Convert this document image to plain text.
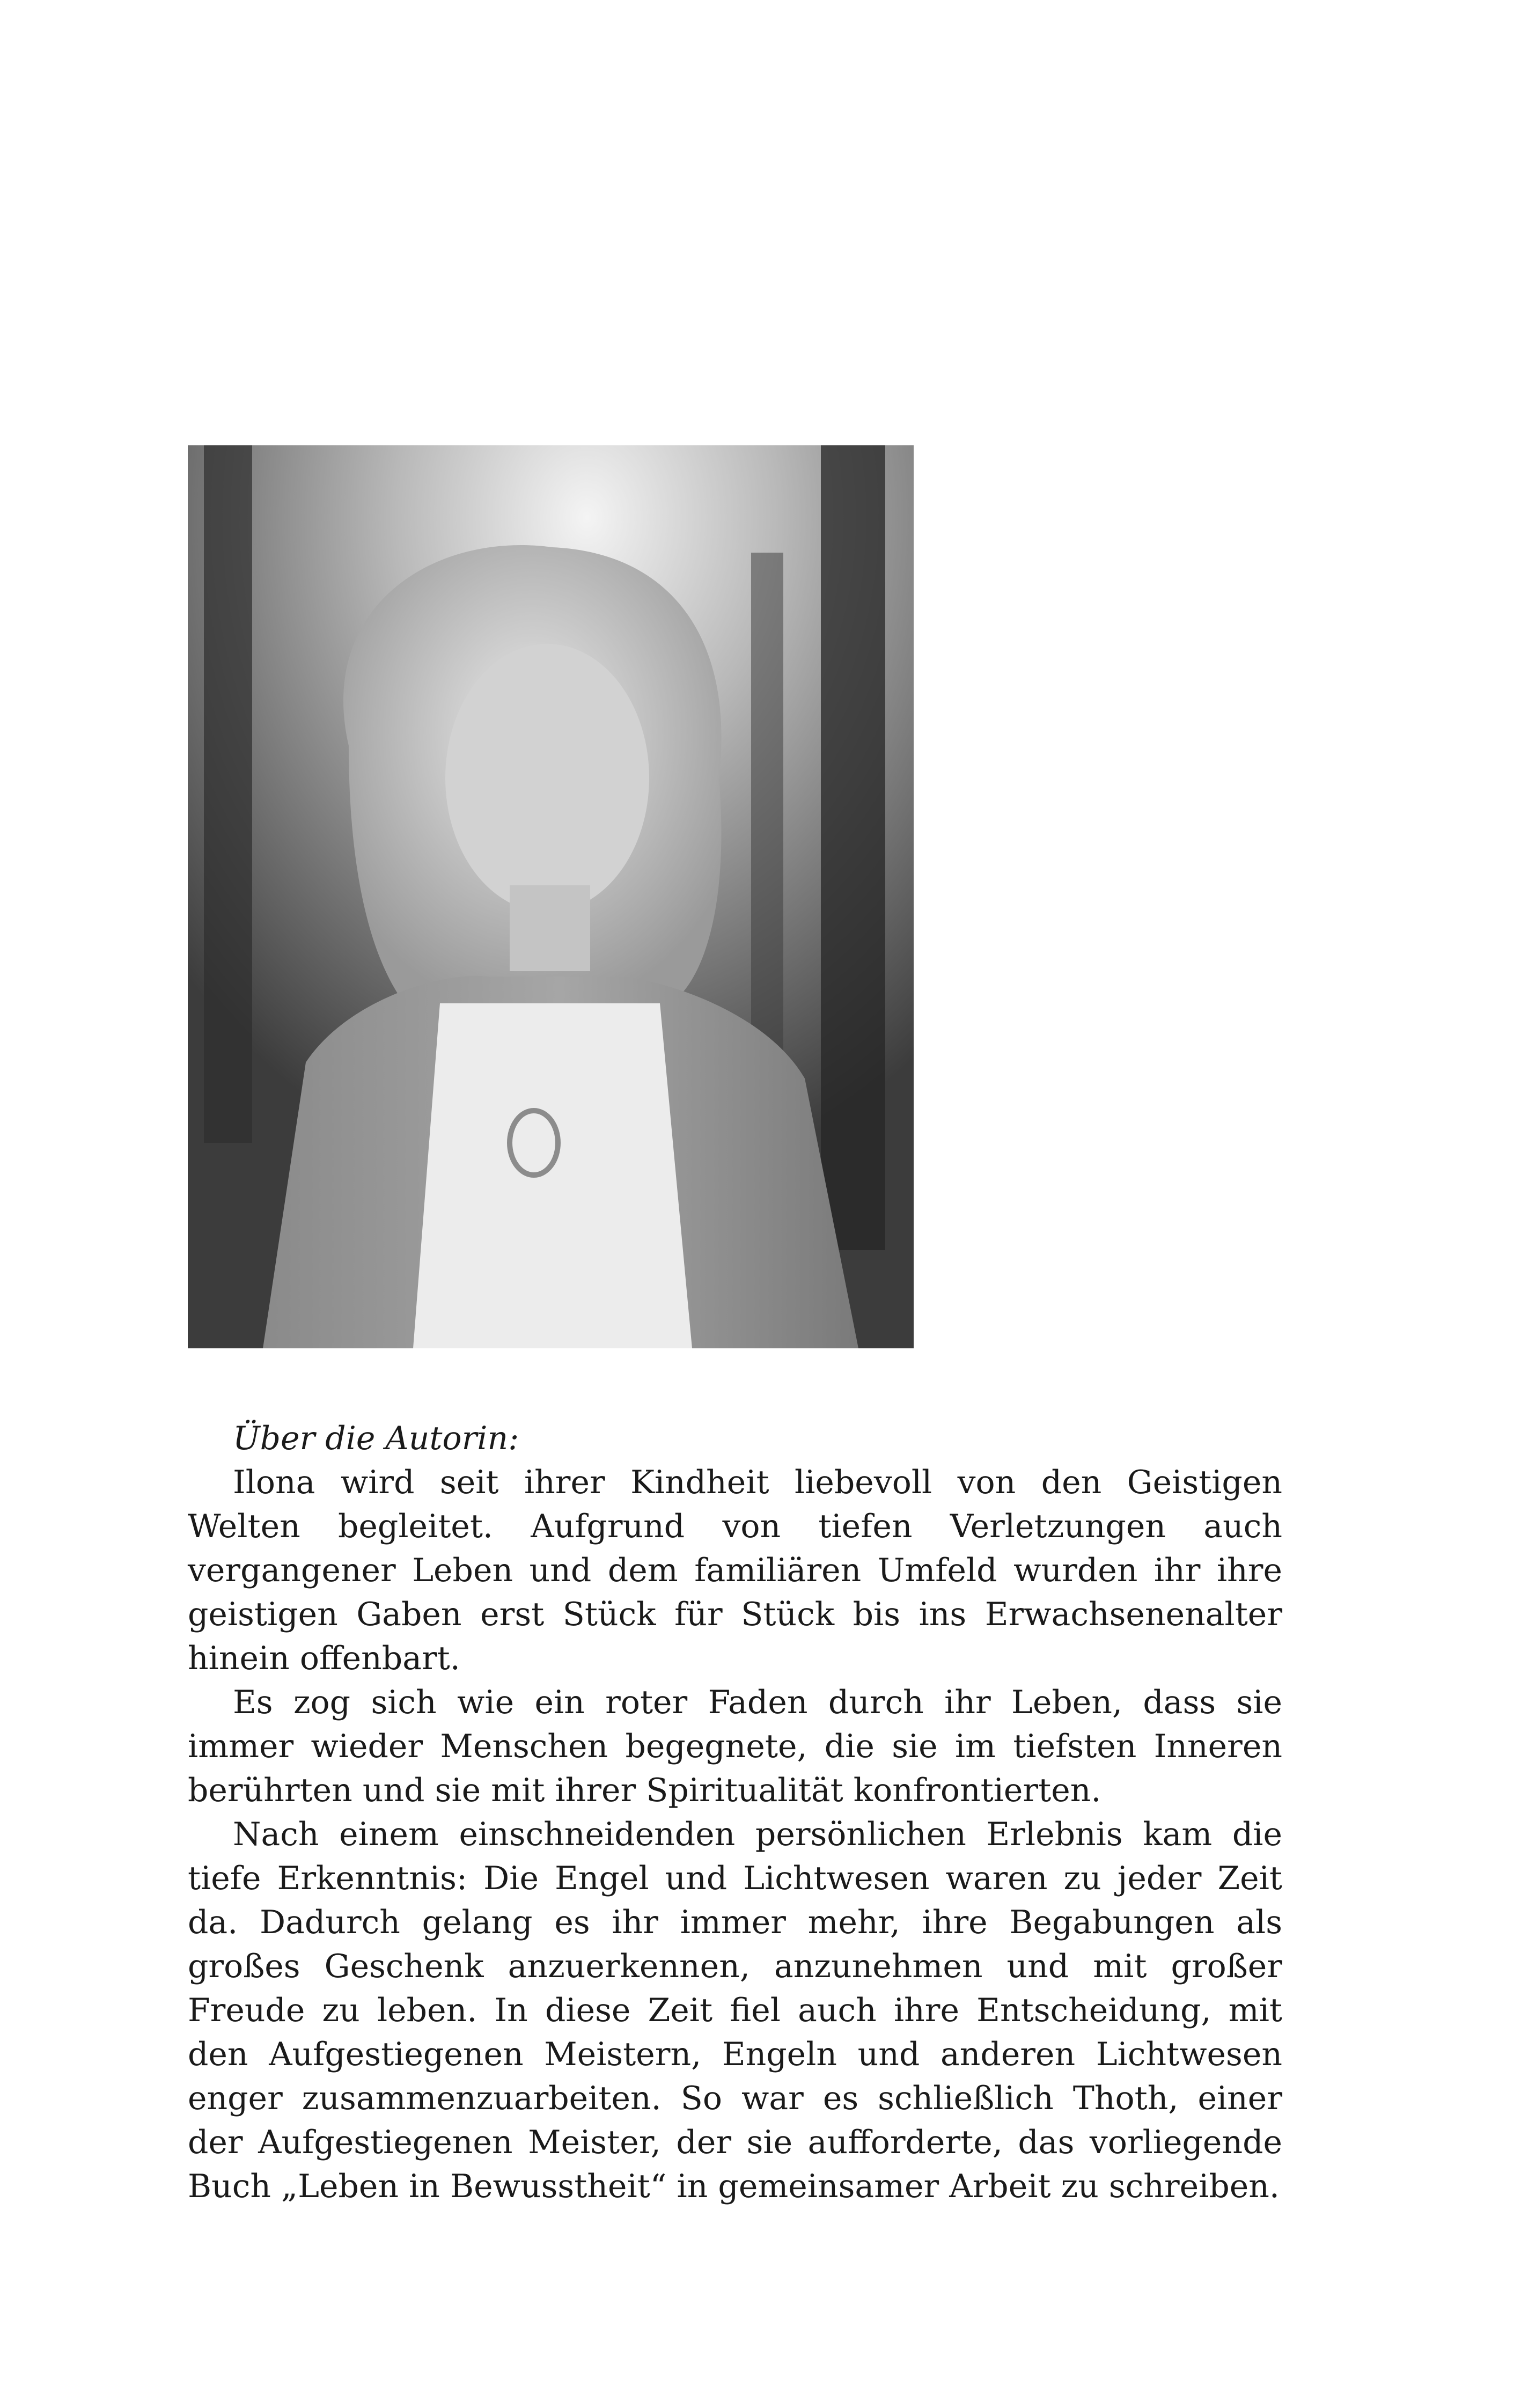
Über die Autorin:

Ilona wird seit ihrer Kindheit liebevoll von den Geistigen Welten begleitet. Aufgrund von tiefen Verletzungen auch vergangener Leben und dem familiären Umfeld wurden ihr ihre geistigen Gaben erst Stück für Stück bis ins Erwachsenenalter hinein offenbart.

Es zog sich wie ein roter Faden durch ihr Leben, dass sie immer wieder Menschen begegnete, die sie im tiefsten Inneren berührten und sie mit ihrer Spiritualität konfrontierten.

Nach einem einschneidenden persönlichen Erlebnis kam die tiefe Erkenntnis: Die Engel und Lichtwesen waren zu jeder Zeit da. Dadurch gelang es ihr immer mehr, ihre Begabungen als großes Geschenk anzuerkennen, anzunehmen und mit großer Freude zu leben. In diese Zeit fiel auch ihre Entscheidung, mit den Aufgestiegenen Meistern, Engeln und anderen Lichtwesen enger zusammenzuarbeiten. So war es schließlich Thoth, einer der Aufgestiegenen Meister, der sie aufforderte, das vorliegende Buch „Leben in Bewusstheit“ in gemeinsamer Arbeit zu schreiben.
